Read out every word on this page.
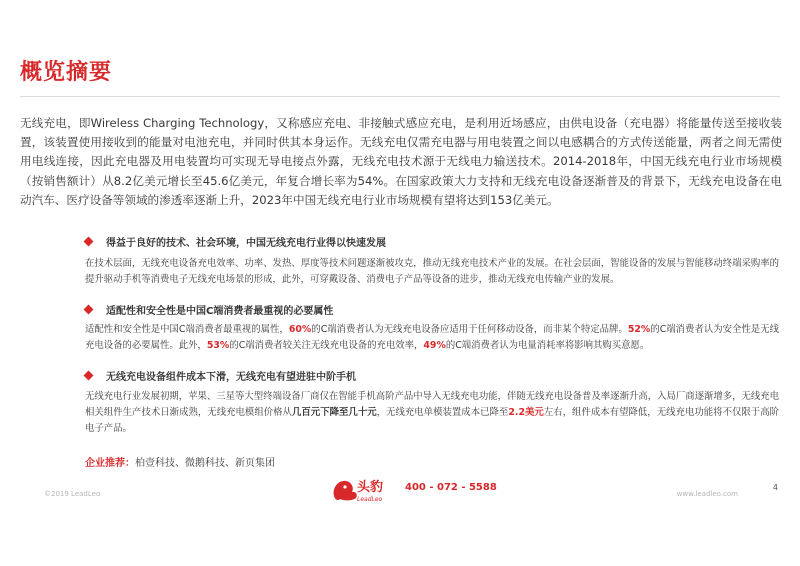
概览摘要

无线充电，即Wireless Charging Technology，又称感应充电、非接触式感应充电，是利用近场感应，由供电设备（充电器）将能量传送至接收装置，该装置使用接收到的能量对电池充电，并同时供其本身运作。无线充电仅需充电器与用电装置之间以电感耦合的方式传送能量，两者之间无需使用电线连接，因此充电器及用电装置均可实现无导电接点外露，无线充电技术源于无线电力输送技术。2014-2018年，中国无线充电行业市场规模（按销售额计）从8.2亿美元增长至45.6亿美元，年复合增长率为54%。在国家政策大力支持和无线充电设备逐渐普及的背景下，无线充电设备在电动汽车、医疗设备等领域的渗透率逐渐上升，2023年中国无线充电行业市场规模有望将达到153亿美元。

得益于良好的技术、社会环境，中国无线充电行业得以快速发展

在技术层面，无线充电设备充电效率、功率、发热、厚度等技术问题逐渐被攻克，推动无线充电技术产业的发展。在社会层面，智能设备的发展与智能移动终端采购率的提升驱动手机等消费电子无线充电场景的形成，此外，可穿戴设备、消费电子产品等设备的进步，推动无线充电传输产业的发展。

适配性和安全性是中国C端消费者最重视的必要属性

适配性和安全性是中国C端消费者最重视的属性，60%的C端消费者认为无线充电设备应适用于任何移动设备，而非某个特定品牌。52%的C端消费者认为安全性是无线充电设备的必要属性。此外，53%的C端消费者较关注无线充电设备的充电效率，49%的C端消费者认为电量消耗率将影响其购买意愿。

无线充电设备组件成本下滑，无线充电有望进驻中阶手机

无线充电行业发展初期，苹果、三星等大型终端设备厂商仅在智能手机高阶产品中导入无线充电功能，伴随无线充电设备普及率逐渐升高，入局厂商逐渐增多，无线充电相关组件生产技术日渐成熟，无线充电模组价格从几百元下降至几十元，无线充电单模装置成本已降至2.2美元左右，组件成本有望降低，无线充电功能将不仅限于高阶电子产品。

企业推荐：柏壹科技、微鹅科技、新页集团
©2019 LeadLeo	头豹
LeadLeo
400 - 072 - 5588
www.leadleo.com
4
